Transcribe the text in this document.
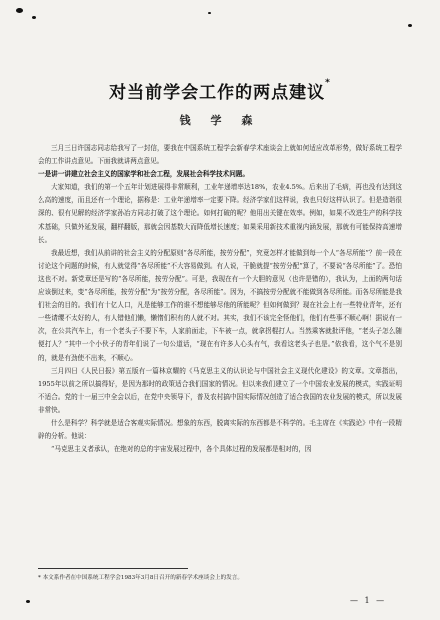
对当前学会工作的两点建议*
钱 学 森

三月三日许国志同志给我写了一封信，要我在中国系统工程学会新春学术座谈会上就如何适应改革形势，做好系统工程学会的工作讲点意见。下面我就讲两点意见。

一是讲一讲建立社会主义的国家学和社会工程，发展社会科学技术问题。

大家知道，我们的第一个五年计划进展得非常顺利，工业年递增率达18%，农业4.5%。后来出了毛病，再也没有达到这么高的速度，而且还有一个理论，据称是：工业年递增率一定要下降。经济学家们这样说，我也只好这样认识了。但是造诣很深的、很有见解的经济学家孙冶方同志打破了这个理论。如何打破的呢？他用出关键在效率。例如，如果不改进生产的科学技术基础，只做外延发展，翻样翻版，那就会因基数大而降低增长速度；如果采用新技术重视内涵发展，那就有可能保持高速增长。

我最近想，我们从前讲的社会主义的分配原则“各尽所能，按劳分配”，究竟怎样才能做到每一个人“各尽所能”？前一段在讨论这个问题的时候，有人就觉得“各尽所能”不大容易做到。有人说，干脆就提“按劳分配”算了，不要说“各尽所能”了。恐怕这也不对。新党章还是写的“各尽所能，按劳分配”。可是，我现在有一个大胆的意见（也许是错的），我认为，上面的两句话应该倒过来，变“各尽所能，按劳分配”为“按劳分配，各尽所能”。因为，不搞按劳分配就不能做到各尽所能。而各尽所能是我们社会的目的。我们有十亿人口，凡是能够工作的谁不想能够尽他的所能呢？但如何做到？现在社会上有一些特业青年，还有一些请缨不太好的人，有人错他们懒，懒惰们积有的人就不对。其实，我们不该完全怪他们，他们有些事不顺心啊！据说有一次，在公共汽车上，有一个老头子不要下车，人家前面走，下车被一点，就拿拐棍打人。当然乘客就批评他，“老头子怎么随便打人？”其中一个小伙子的青年们说了一句公道话，“现在有许多人心头有气，我看这老头子也是。”依我看，这个气不是别的，就是有劲使不出来，不顺心。

三月四日《人民日报》第五版有一篇林京耀的《马克思主义的认识论与中国社会主义现代化建设》的文章。文章指出，1955年以前之所以搞得好，是因为那时的政策适合我们国家的情况。但以来我们建立了一个中国农业发展的模式，实践证明不适合。党的十一届三中全会以后，在党中央领导下，普及农村搞中国实际情况创造了适合我国的农业发展的模式，所以发展非常快。

什么是科学？科学就是适合客观实际情况。想象的东西，脱离实际的东西都是不科学的。毛主席在《实践论》中有一段精辟的分析。他说：

“马克思主义者承认，在绝对的总的宇宙发展过程中，各个具体过程的发展都是相对的，因

* 本文系作者在中国系统工程学会1983年3月8日召开的新春学术座谈会上的发言。
— 1 —
